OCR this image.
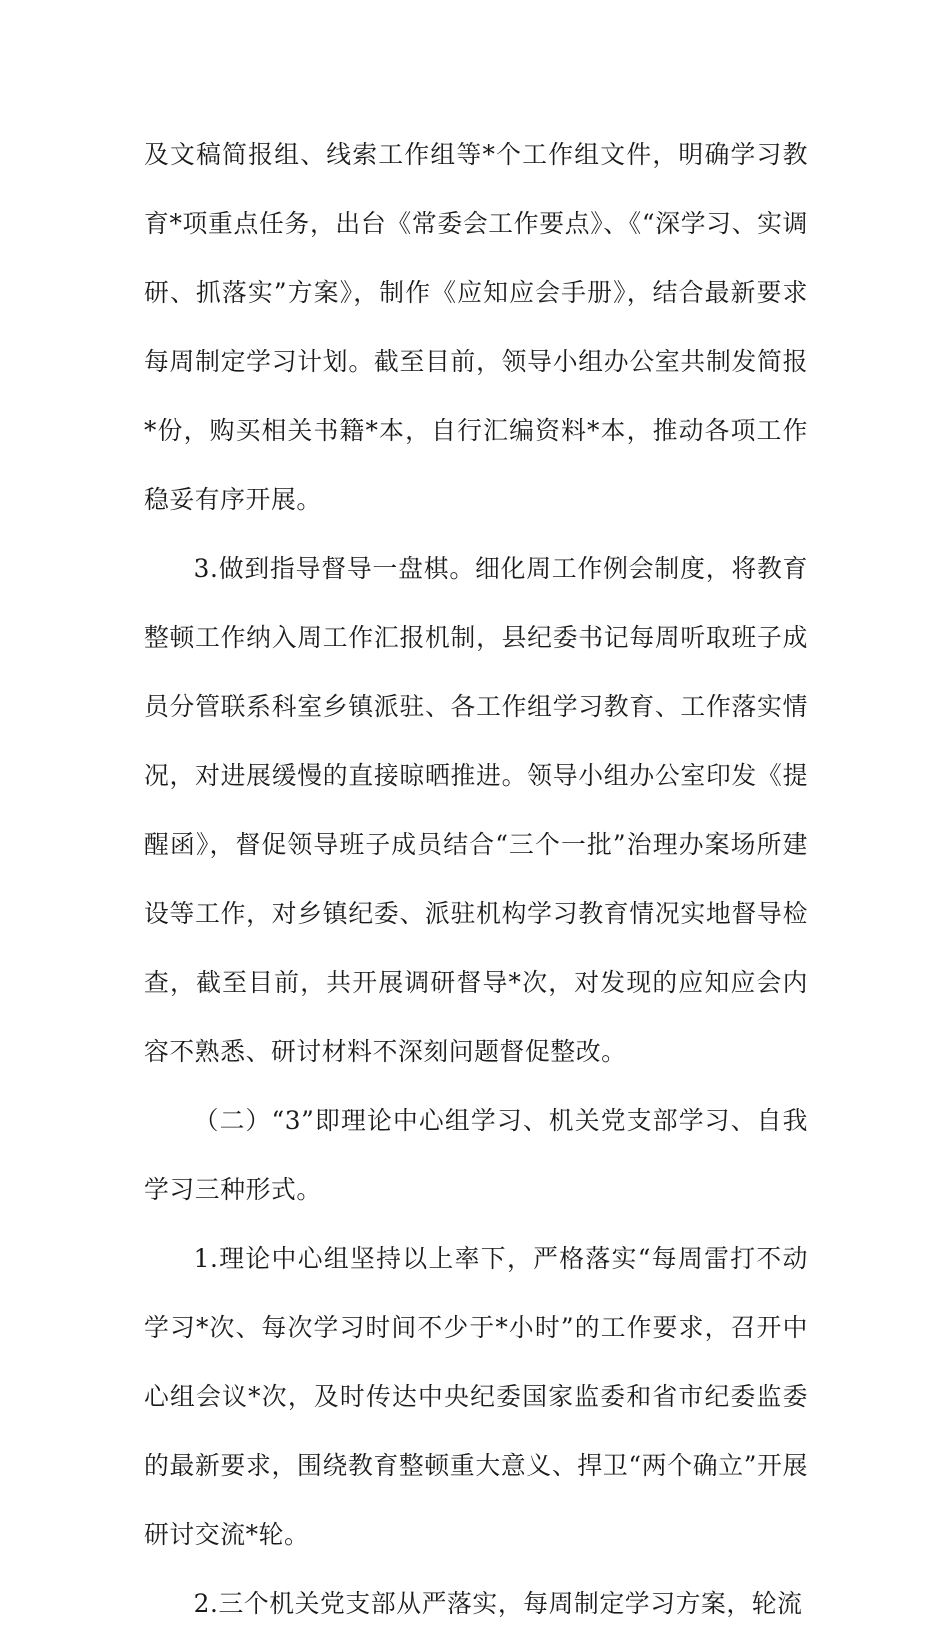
及文稿简报组、线索工作组等*个工作组文件，明确学习教育*项重点任务，出台《常委会工作要点》、《“深学习、实调研、抓落实”方案》，制作《应知应会手册》，结合最新要求每周制定学习计划。截至目前，领导小组办公室共制发简报*份，购买相关书籍*本，自行汇编资料*本，推动各项工作稳妥有序开展。

3.做到指导督导一盘棋。细化周工作例会制度，将教育整顿工作纳入周工作汇报机制，县纪委书记每周听取班子成员分管联系科室乡镇派驻、各工作组学习教育、工作落实情况，对进展缓慢的直接晾晒推进。领导小组办公室印发《提醒函》，督促领导班子成员结合“三个一批”治理办案场所建设等工作，对乡镇纪委、派驻机构学习教育情况实地督导检查，截至目前，共开展调研督导*次，对发现的应知应会内容不熟悉、研讨材料不深刻问题督促整改。

（二）“3”即理论中心组学习、机关党支部学习、自我学习三种形式。

1.理论中心组坚持以上率下，严格落实“每周雷打不动学习*次、每次学习时间不少于*小时”的工作要求，召开中心组会议*次，及时传达中央纪委国家监委和省市纪委监委的最新要求，围绕教育整顿重大意义、捍卫“两个确立”开展研讨交流*轮。

2.三个机关党支部从严落实，每周制定学习方案，轮流
